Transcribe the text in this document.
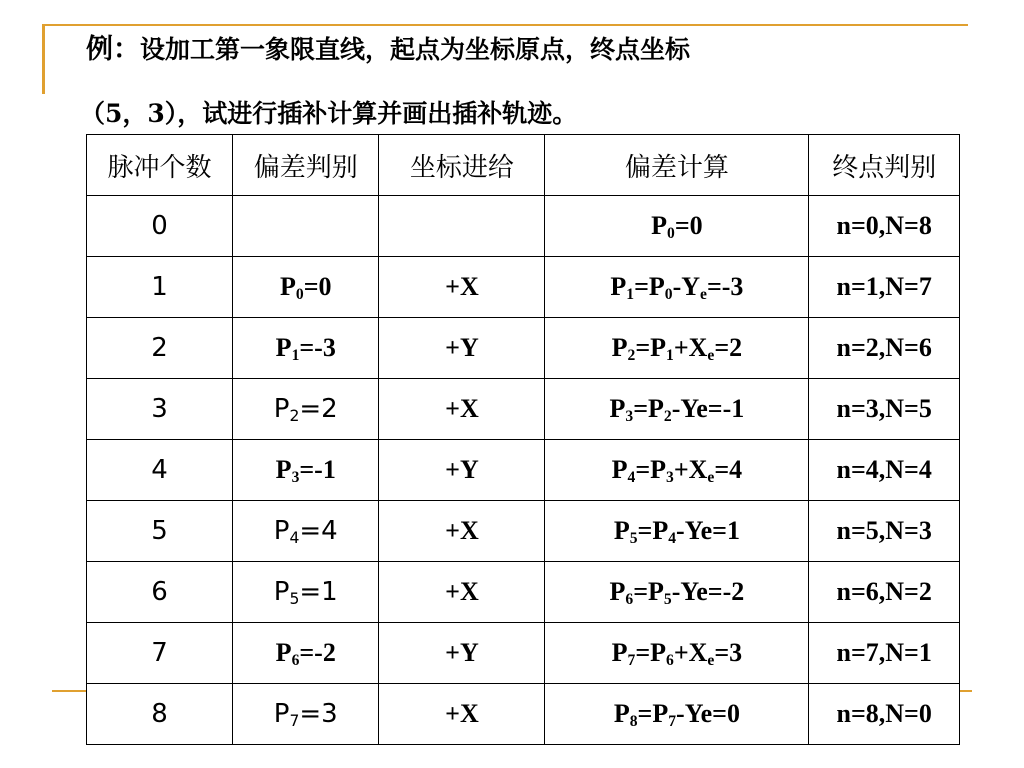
例：设加工第一象限直线，起点为坐标原点，终点坐标
（5，3），试进行插补计算并画出插补轨迹。
脉冲个数	偏差判别	坐标进给	偏差计算	终点判别
0			$P_0=0$	n=0,N=8
1	$P_0=0$	+X	$P_1=P_0-Y_e=-3$	n=1,N=7
2	$P_1=-3$	+Y	$P_2=P_1+X_e=2$	n=2,N=6
3	$P_2=2$	+X	$P_3=P_2-Ye=-1$	n=3,N=5
4	$P_3=-1$	+Y	$P_4=P_3+X_e=4$	n=4,N=4
5	$P_4=4$	+X	$P_5=P_4-Ye=1$	n=5,N=3
6	$P_5=1$	+X	$P_6=P_5-Ye=-2$	n=6,N=2
7	$P_6=-2$	+Y	$P_7=P_6+X_e=3$	n=7,N=1
8	$P_7=3$	+X	$P_8=P_7-Ye=0$	n=8,N=0
